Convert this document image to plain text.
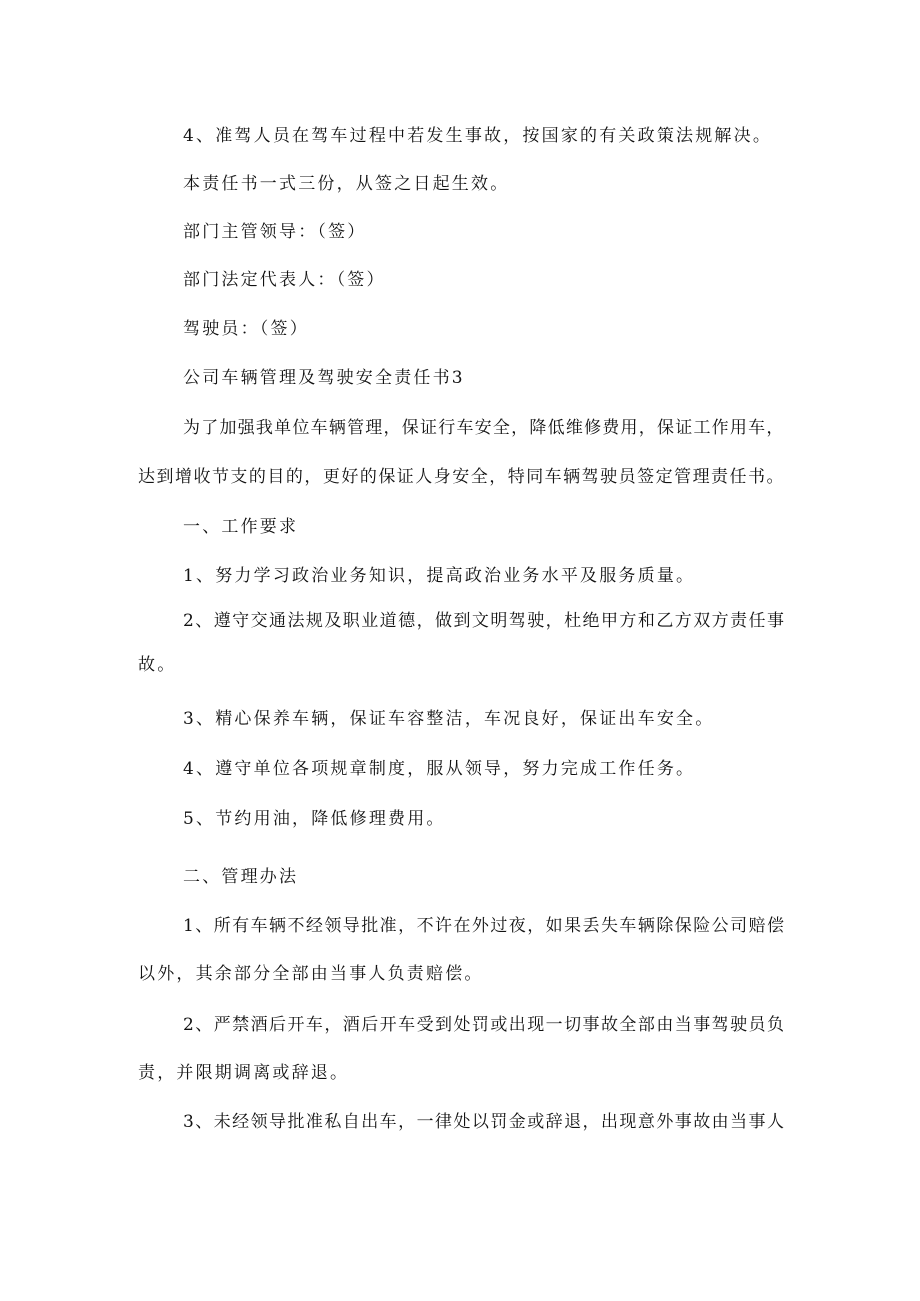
4、准驾人员在驾车过程中若发生事故，按国家的有关政策法规解决。
本责任书一式三份，从签之日起生效。
部门主管领导：（签）
部门法定代表人：（签）
驾驶员：（签）
公司车辆管理及驾驶安全责任书3
为了加强我单位车辆管理，保证行车安全，降低维修费用，保证工作用车，
达到增收节支的目的，更好的保证人身安全，特同车辆驾驶员签定管理责任书。
一、工作要求
1、努力学习政治业务知识，提高政治业务水平及服务质量。
2、遵守交通法规及职业道德，做到文明驾驶，杜绝甲方和乙方双方责任事
故。
3、精心保养车辆，保证车容整洁，车况良好，保证出车安全。
4、遵守单位各项规章制度，服从领导，努力完成工作任务。
5、节约用油，降低修理费用。
二、管理办法
1、所有车辆不经领导批准，不许在外过夜，如果丢失车辆除保险公司赔偿
以外，其余部分全部由当事人负责赔偿。
2、严禁酒后开车，酒后开车受到处罚或出现一切事故全部由当事驾驶员负
责，并限期调离或辞退。
3、未经领导批准私自出车，一律处以罚金或辞退，出现意外事故由当事人
